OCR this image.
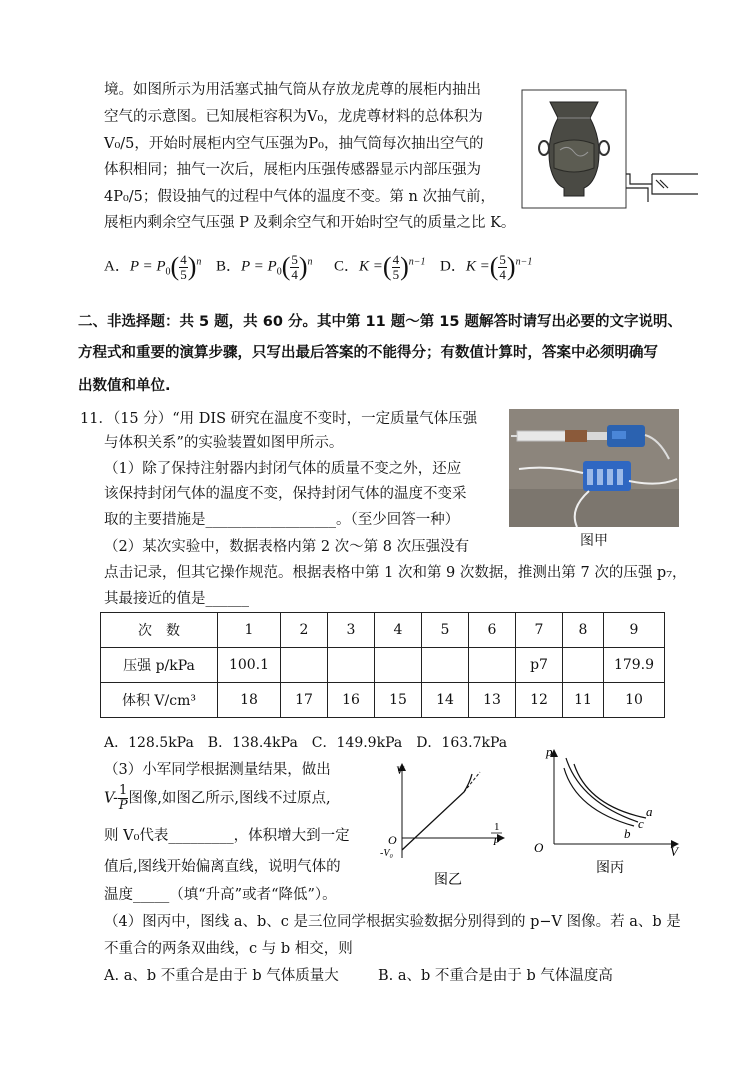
境。如图所示为用活塞式抽气筒从存放龙虎尊的展柜内抽出
空气的示意图。已知展柜容积为V₀，龙虎尊材料的总体积为
V₀/5，开始时展柜内空气压强为P₀，抽气筒每次抽出空气的
体积相同；抽气一次后，展柜内压强传感器显示内部压强为
4P₀/5；假设抽气的过程中气体的温度不变。第 n 次抽气前，
展柜内剩余空气压强 P 及剩余空气和开始时空气的质量之比 K。
A．$P = P_0( \frac{4}{5} )^n$ B．$P = P_0( \frac{5}{4} )^n$ C．K =( $\frac{4}{5} )^{n-1}$ D．K =( $\frac{5}{4} )^{n-1}$
二、非选择题：共 5 题，共 60 分。其中第 11 题～第 15 题解答时请写出必要的文字说明、
方程式和重要的演算步骤，只写出最后答案的不能得分；有数值计算时，答案中必须明确写
出数值和单位.
11．（15 分）“用 DIS 研究在温度不变时，一定质量气体压强
与体积关系”的实验装置如图甲所示。
（1）除了保持注射器内封闭气体的质量不变之外，还应
该保持封闭气体的温度不变，保持封闭气体的温度不变采
取的主要措施是__________________。（至少回答一种）
（2）某次实验中，数据表格内第 2 次～第 8 次压强没有
点击记录，但其它操作规范。根据表格中第 1 次和第 9 次数据，推测出第 7 次的压强 p₇，
其最接近的值是______
图甲
次　数	1	2	3	4	5	6	7	8	9
压强 p/kPa	100.1						p7		179.9
体积 V/cm³	18	17	16	15	14	13	12	11	10
A．128.5kPa　B．138.4kPa　C．149.9kPa　D．163.7kPa
（3）小军同学根据测量结果，做出
$V- \frac{1}{P}$图像,如图乙所示,图线不过原点,
则 V₀代表_________，体积增大到一定
值后,图线开始偏离直线，说明气体的
温度_____（填“升高”或者“降低”）。
V
O
-V₀
1
P
图乙
p
O	V
a
c
b
图丙
（4）图丙中，图线 a、b、c 是三位同学根据实验数据分别得到的 p−V 图像。若 a、b 是
不重合的两条双曲线，c 与 b 相交，则
A. a、b 不重合是由于 b 气体质量大	B. a、b 不重合是由于 b 气体温度高
